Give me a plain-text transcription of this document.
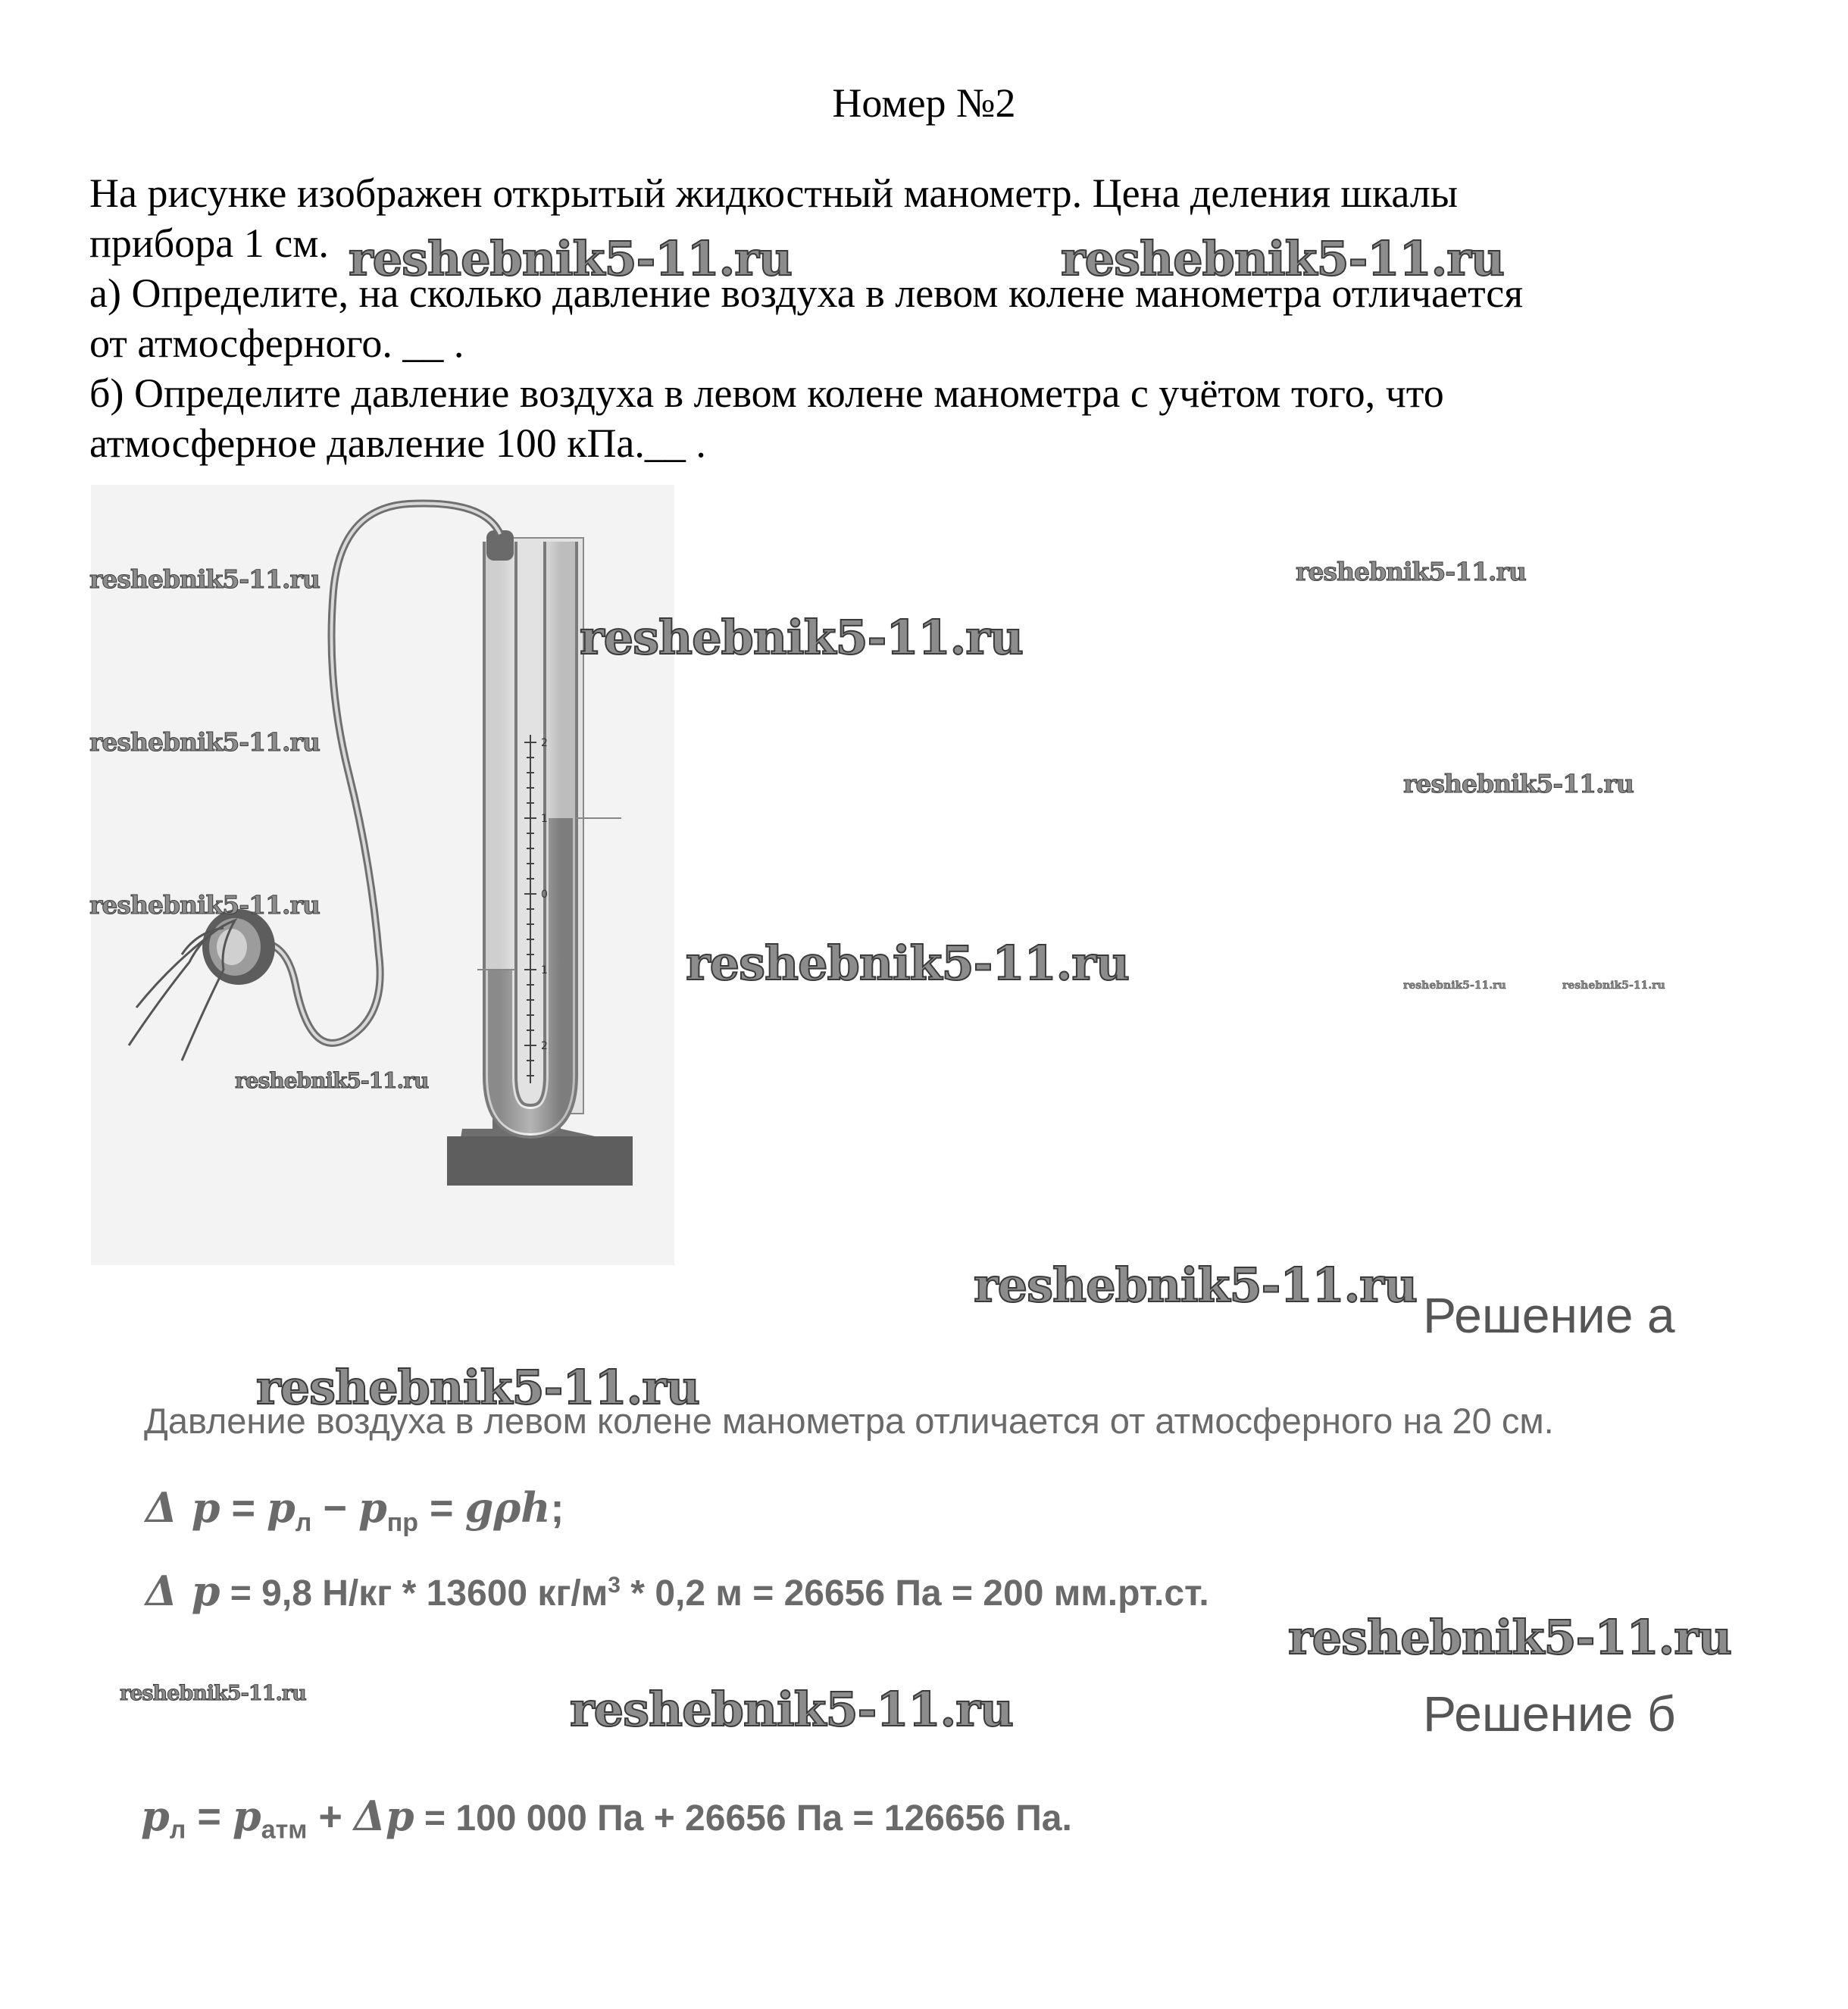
Номер №2
На рисунке изображен открытый жидкостный манометр. Цена деления шкалы
прибора 1 см.
а) Определите, на сколько давление воздуха в левом колене манометра отличается
от атмосферного. __ .
б) Определите давление воздуха в левом колене манометра с учётом того, что
атмосферное давление 100 кПа.__ .
2
1
0
1
2
reshebnik5-11.ru	reshebnik5-11.ru
reshebnik5-11.ru	reshebnik5-11.ru
reshebnik5-11.ru
reshebnik5-11.ru
reshebnik5-11.ru
reshebnik5-11.ru
reshebnik5-11.ru	reshebnik5-11.ru	reshebnik5-11.ru
reshebnik5-11.ru
reshebnik5-11.ru
reshebnik5-11.ru
reshebnik5-11.ru
reshebnik5-11.ru	reshebnik5-11.ru
Решение а
Давление воздуха в левом колене манометра отличается от атмосферного на 20 см.
Δ $p = p_л - p_{пр} = g\rho h$;
Δ p = 9,8 Н/кг * 13600 $кг/м^3 * 0,2$ м = 26656 Па = 200 мм.рт.ст.
Решение б
$p_л = p_{атм} + \Delta p = 100$ 000 Па + 26656 Па = 126656 Па.
